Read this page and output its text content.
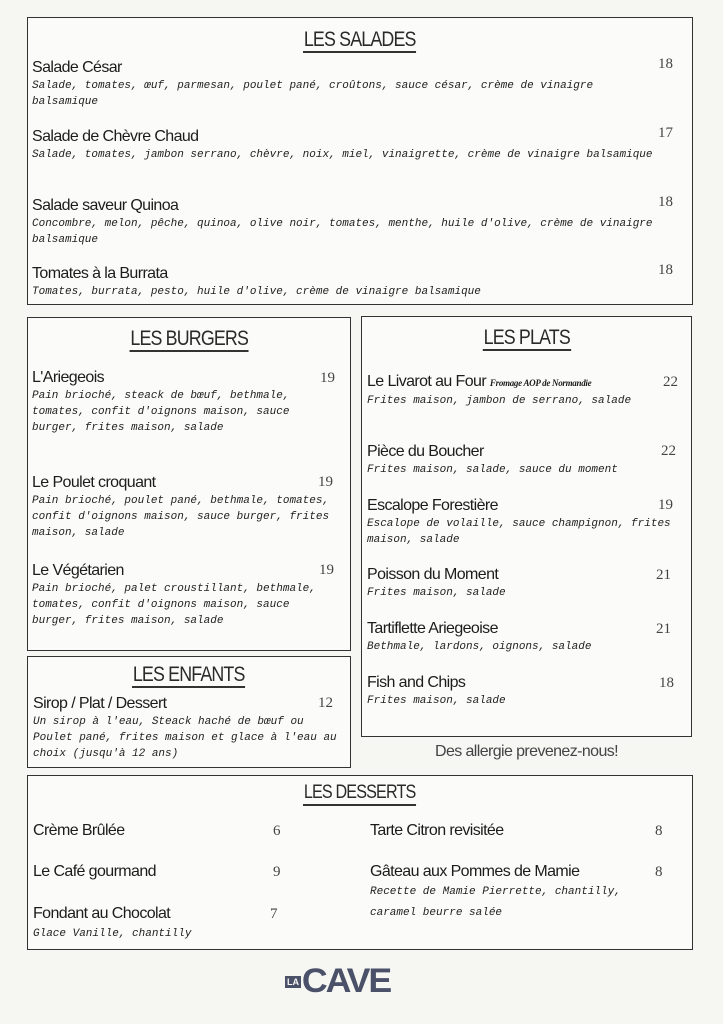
LES SALADES
Salade César
Salade, tomates, œuf, parmesan, poulet pané, croûtons, sauce césar, crème de vinaigre balsamique
18
Salade de Chèvre Chaud
Salade, tomates, jambon serrano, chèvre, noix, miel, vinaigrette, crème de vinaigre balsamique
17
Salade saveur Quinoa
Concombre, melon, pêche, quinoa, olive noir, tomates, menthe, huile d'olive, crème de vinaigre balsamique
18
Tomates à la Burrata
Tomates, burrata, pesto, huile d'olive, crème de vinaigre balsamique
18
LES BURGERS
L'Ariegeois
Pain brioché, steack de bœuf, bethmale, tomates, confit d'oignons maison, sauce burger, frites maison, salade
19
Le Poulet croquant
Pain brioché, poulet pané, bethmale, tomates, confit d'oignons maison, sauce burger, frites maison, salade
19
Le Végétarien
Pain brioché, palet croustillant, bethmale, tomates, confit d'oignons maison, sauce burger, frites maison, salade
19
LES ENFANTS
Sirop / Plat / Dessert
Un sirop à l'eau, Steack haché de bœuf ou Poulet pané, frites maison et glace à l'eau au choix (jusqu'à 12 ans)
12
LES PLATS
Le Livarot au Four Fromage AOP de Normandie
Frites maison, jambon de serrano, salade
22
Pièce du Boucher
Frites maison, salade, sauce du moment
22
Escalope Forestière
Escalope de volaille, sauce champignon, frites maison, salade
19
Poisson du Moment
Frites maison, salade
21
Tartiflette Ariegeoise
Bethmale, lardons, oignons, salade
21
Fish and Chips
Frites maison, salade
18
Des allergie prevenez-nous!
LES DESSERTS
Crème Brûlée	6
Le Café gourmand	9
Fondant au Chocolat
Glace Vanille, chantilly
7
Tarte Citron revisitée	8
Gâteau aux Pommes de Mamie
Recette de Mamie Pierrette, chantilly, caramel beurre salée
8
LA CAVE
